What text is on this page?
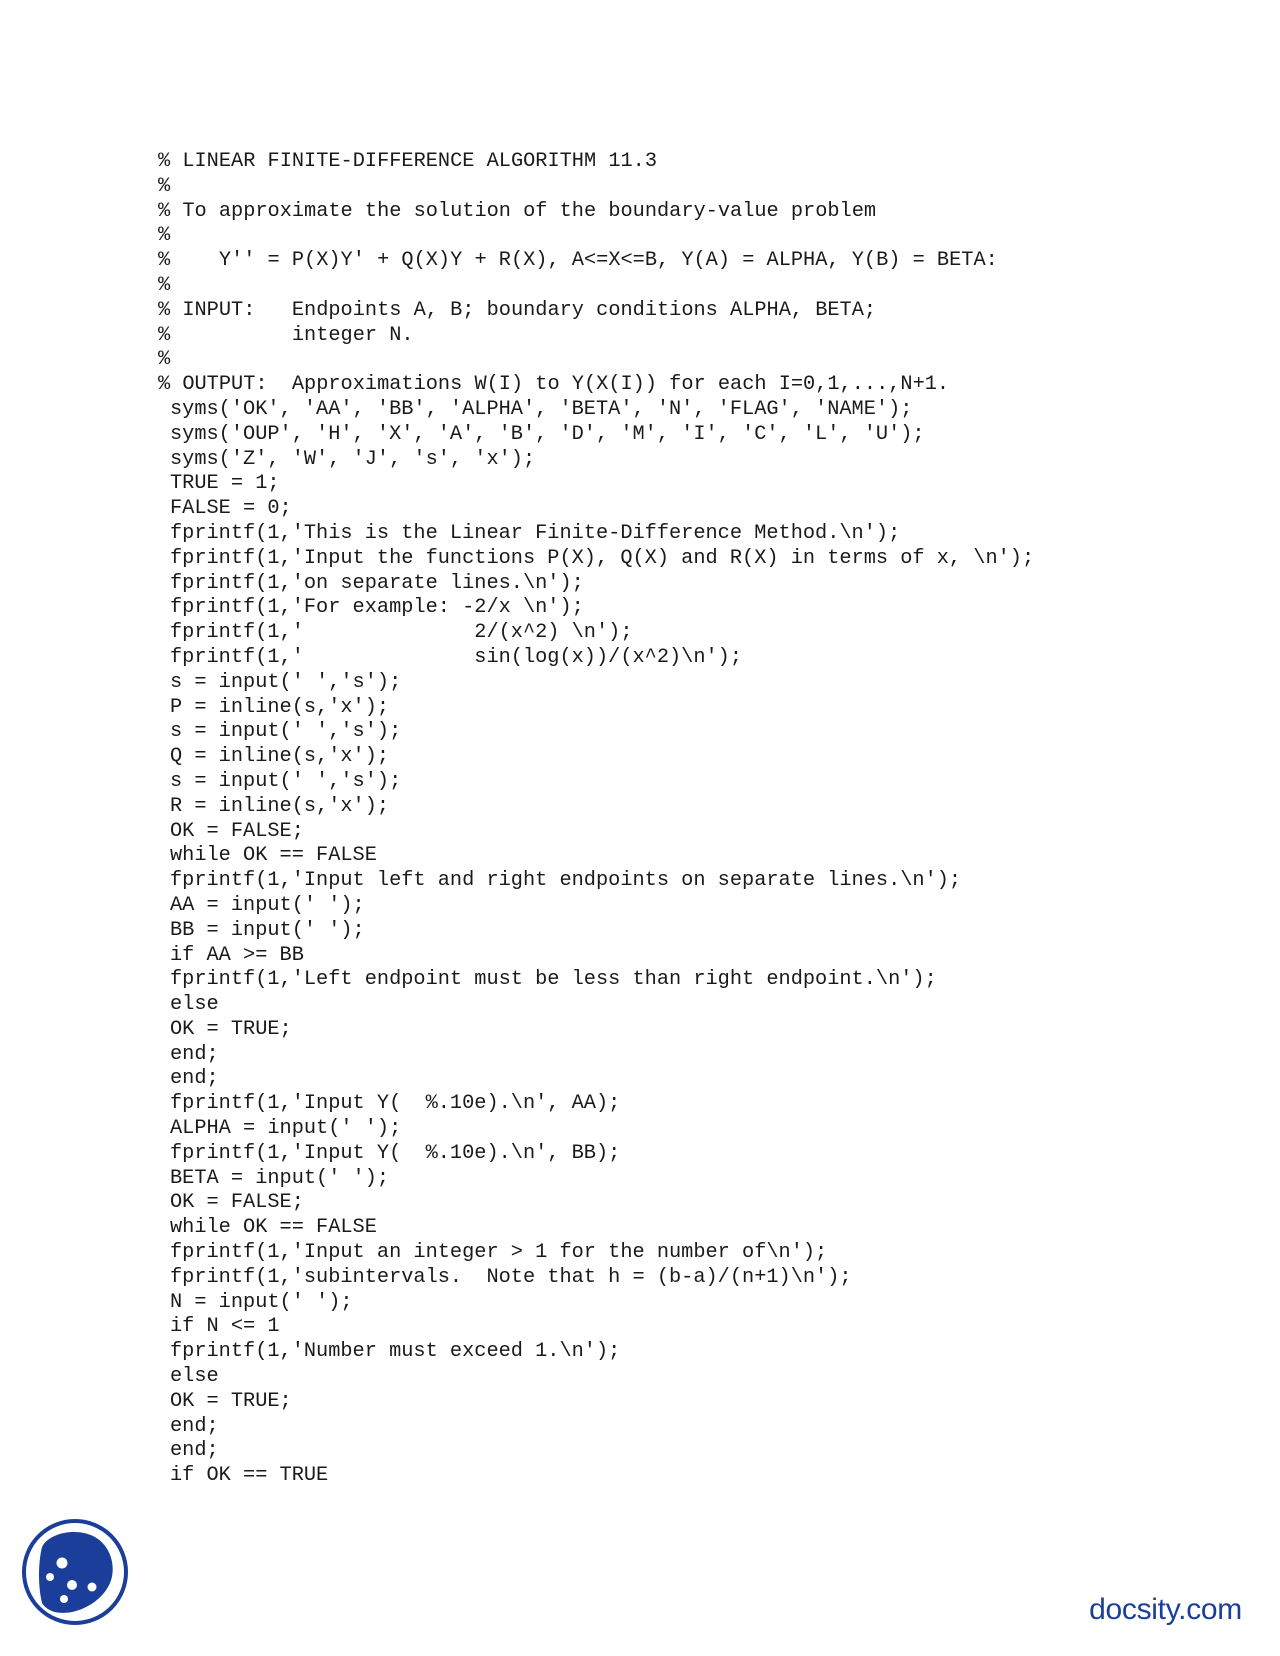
% LINEAR FINITE-DIFFERENCE ALGORITHM 11.3
%
% To approximate the solution of the boundary-value problem
%
%    Y'' = P(X)Y' + Q(X)Y + R(X), A<=X<=B, Y(A) = ALPHA, Y(B) = BETA:
%
% INPUT:   Endpoints A, B; boundary conditions ALPHA, BETA;
%          integer N.
%
% OUTPUT:  Approximations W(I) to Y(X(I)) for each I=0,1,...,N+1.
syms('OK', 'AA', 'BB', 'ALPHA', 'BETA', 'N', 'FLAG', 'NAME');
syms('OUP', 'H', 'X', 'A', 'B', 'D', 'M', 'I', 'C', 'L', 'U');
syms('Z', 'W', 'J', 's', 'x');
TRUE = 1;
FALSE = 0;
fprintf(1,'This is the Linear Finite-Difference Method.\n');
fprintf(1,'Input the functions P(X), Q(X) and R(X) in terms of x, \n');
fprintf(1,'on separate lines.\n');
fprintf(1,'For example: -2/x \n');
fprintf(1,'              2/(x^2) \n');
fprintf(1,'              sin(log(x))/(x^2)\n');
s = input(' ','s');
P = inline(s,'x');
s = input(' ','s');
Q = inline(s,'x');
s = input(' ','s');
R = inline(s,'x');
OK = FALSE;
while OK == FALSE
fprintf(1,'Input left and right endpoints on separate lines.\n');
AA = input(' ');
BB = input(' ');
if AA >= BB
fprintf(1,'Left endpoint must be less than right endpoint.\n');
else
OK = TRUE;
end;
end;
fprintf(1,'Input Y(  %.10e).\n', AA);
ALPHA = input(' ');
fprintf(1,'Input Y(  %.10e).\n', BB);
BETA = input(' ');
OK = FALSE;
while OK == FALSE
fprintf(1,'Input an integer > 1 for the number of\n');
fprintf(1,'subintervals.  Note that h = (b-a)/(n+1)\n');
N = input(' ');
if N <= 1
fprintf(1,'Number must exceed 1.\n');
else
OK = TRUE;
end;
end;
if OK == TRUE
docsity.com
